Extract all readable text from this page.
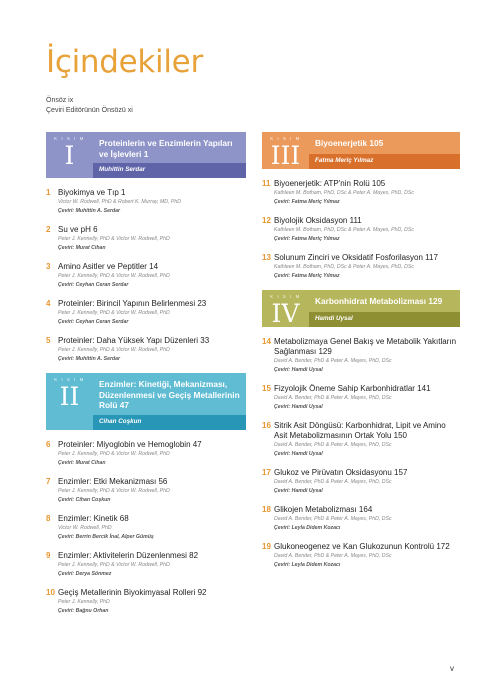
İçindekiler
Önsöz ix
Çeviri Editörünün Önsözü xi
K I S I M
I	Proteinlerin ve Enzimlerin Yapıları ve İşlevleri 1
Muhittin Serdar
1 Biyokimya ve Tıp 1
Victor W. Rodwell, PhD & Robert K. Murray, MD, PhD
Çeviri: Muhittin A. Serdar
2 Su ve pH 6
Peter J. Kennelly, PhD & Victor W. Rodwell, PhD
Çeviri: Murat Cihan
3 Amino Asitler ve Peptitler 14
Peter J. Kennelly, PhD & Victor W. Rodwell, PhD
Çeviri: Ceyhan Ceran Serdar
4 Proteinler: Birincil Yapının Belirlenmesi 23
Peter J. Kennelly, PhD & Victor W. Rodwell, PhD
Çeviri: Ceyhan Ceran Serdar
5 Proteinler: Daha Yüksek Yapı Düzenleri 33
Peter J. Kennelly, PhD & Victor W. Rodwell, PhD
Çeviri: Muhittin A. Serdar
K I S I M
II	Enzimler: Kinetiği, Mekanizması, Düzenlenmesi ve Geçiş Metallerinin Rolü 47
Cihan Coşkun
6 Proteinler: Miyoglobin ve Hemoglobin 47
Peter J. Kennelly, PhD & Victor W. Rodwell, PhD
Çeviri: Murat Cihan
7 Enzimler: Etki Mekanizması 56
Peter J. Kennelly, PhD & Victor W. Rodwell, PhD
Çeviri: Cihan Coşkun
8 Enzimler: Kinetik 68
Victor W. Rodwell, PhD
Çeviri: Berrin Bercik İnal, Alper Gümüş
9 Enzimler: Aktivitelerin Düzenlenmesi 82
Peter J. Kennelly, PhD & Victor W. Rodwell, PhD
Çeviri: Derya Sönmez
10 Geçiş Metallerinin Biyokimyasal Rolleri 92
Peter J. Kennelly, PhD
Çeviri: Bağnu Orhan
K I S I M
III	Biyoenerjetik 105
Fatma Meriç Yılmaz
11 Biyoenerjetik: ATP'nin Rolü 105
Kathleen M. Botham, PhD, DSc & Peter A. Mayes, PhD, DSc
Çeviri: Fatma Meriç Yılmaz
12 Biyolojik Oksidasyon 111
Kathleen M. Botham, PhD, DSc & Peter A. Mayes, PhD, DSc
Çeviri: Fatma Meriç Yılmaz
13 Solunum Zinciri ve Oksidatif Fosforilasyon 117
Kathleen M. Botham, PhD, DSc & Peter A. Mayes, PhD, DSc
Çeviri: Fatma Meriç Yılmaz
K I S I M
IV	Karbonhidrat Metabolizması 129
Hamdi Uysal
14 Metabolizmaya Genel Bakış ve Metabolik Yakıtların Sağlanması 129
David A. Bender, PhD & Peter A. Mayes, PhD, DSc
Çeviri: Hamdi Uysal
15 Fizyolojik Öneme Sahip Karbonhidratlar 141
David A. Bender, PhD & Peter A. Mayes, PhD, DSc
Çeviri: Hamdi Uysal
16 Sitrik Asit Döngüsü: Karbonhidrat, Lipit ve Amino Asit Metabolizmasının Ortak Yolu 150
David A. Bender, PhD & Peter A. Mayes, PhD, DSc
Çeviri: Hamdi Uysal
17 Glukoz ve Pirüvatın Oksidasyonu 157
David A. Bender, PhD & Peter A. Mayes, PhD, DSc
Çeviri: Hamdi Uysal
18 Glikojen Metabolizması 164
David A. Bender, PhD & Peter A. Mayes, PhD, DSc
Çeviri: Leyla Didem Kozacı
19 Glukoneogenez ve Kan Glukozunun Kontrolü 172
David A. Bender, PhD & Peter A. Mayes, PhD, DSc
Çeviri: Leyla Didem Kozacı
v
